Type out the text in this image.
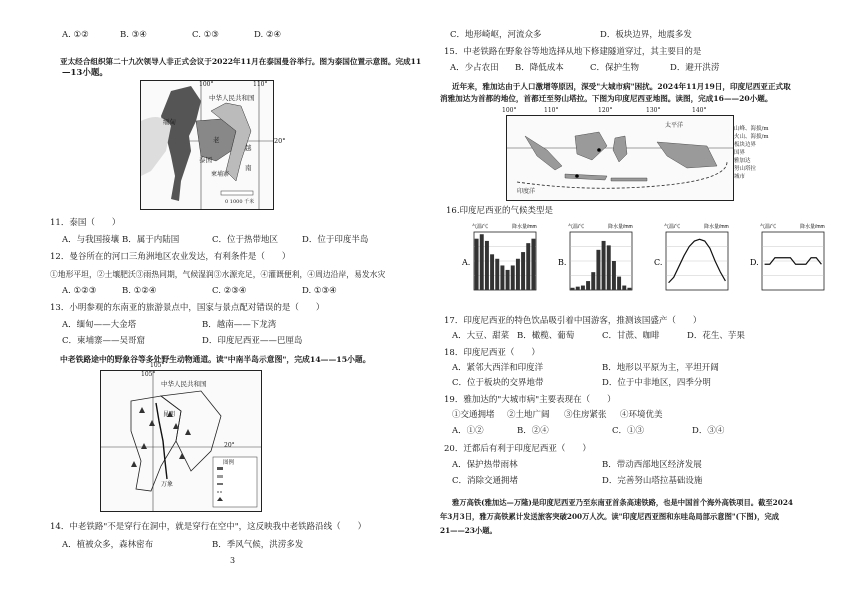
A. ①②	B. ③④	C. ①③	D. ②④
亚太经合组织第二十九次领导人非正式会议于2022年11月在泰国曼谷举行。图为泰国位置示意图。完成11
—13小题。
100°	110°
中华人民共和国
缅甸
老
泰国
柬埔寨
越
南
0 1000 千米
20°
11．泰国（　　）
A．与我国接壤 B．属于内陆国	C．位于热带地区	D．位于印度半岛
12．曼谷所在的河口三角洲地区农业发达，有利条件是（　　）
①地形平坦，②土壤肥沃③雨热同期，气候湿润③水源充足，④灌溉便利，④周边沿岸，易发水灾
A. ①②③	B. ①②④	C. ②③④	D. ①③④
13．小明参观的东南亚的旅游景点中，国家与景点配对错误的是（　　）
A．缅甸——大金塔	B．越南——下龙湾
C．柬埔寨——吴哥窟	D．印度尼西亚——巴厘岛
中老铁路途中的野象谷等多处野生动物通道。读"中南半岛示意图"，完成14——15小题。
105°
中华人民共和国
昆明
万象
图例
105°
20°
14．中老铁路"不是穿行在洞中，就是穿行在空中"，这反映我中老铁路沿线（　　）
A．植被众多，森林密布	B．季风气候，洪涝多发
3
C．地形崎岖，河流众多	D．板块边界，地震多发
15．中老铁路在野象谷等地选择从地下修建隧道穿过，其主要目的是
A．少占农田 B．降低成本	C．保护生物	D．避开洪涝
近年来，雅加达由于人口激增等原因，深受"大城市病"困扰。2024年11月19日，印度尼西亚正式取
消雅加达为首都的地位，首都迁至努山塔拉。下图为印度尼西亚地图。读图，完成16——20小题。
印度洋
太平洋
100°	110°	120°	130°	140°
山峰、海拔/m
火山、海拔/m
板块边界
国界
雅加达
努山塔拉
城市
16.印度尼西亚的气候类型是
气温/℃	降水量/mm
A.
气温/℃	降水量/mm
B.
气温/℃	降水量/mm
C.
气温/℃	降水量/mm
D.
17．印度尼西亚的特色饮品吸引着中国游客，推测该国盛产（　　）
A．大豆、甜菜 B．橄榄、葡萄	C．甘蔗、咖啡	D．花生、芋果
18．印度尼西亚（　　）
A．紧邻大西洋和印度洋	B．地形以平原为主，平坦开阔
C．位于板块的交界地带	D．位于中非地区，四季分明
19．雅加达的"大城市病"主要表现在（　　）
①交通拥堵 ②土地广阔 ③住房紧张 ④环境优美
A．①②	B．②④	C．①③	D．③④
20．迁都后有利于印度尼西亚（　　）
A．保护热带雨林	B．带动西部地区经济发展
C．消除交通拥堵	D．完善努山塔拉基础设施
雅万高铁(雅加达—万隆)是印度尼西亚乃至东南亚首条高速铁路，也是中国首个海外高铁项目。截至2024
年3月3日，雅万高铁累计发送旅客突破200万人次。读"印度尼西亚图和东哇岛局部示意图"(下图)，完成
21——23小题。
